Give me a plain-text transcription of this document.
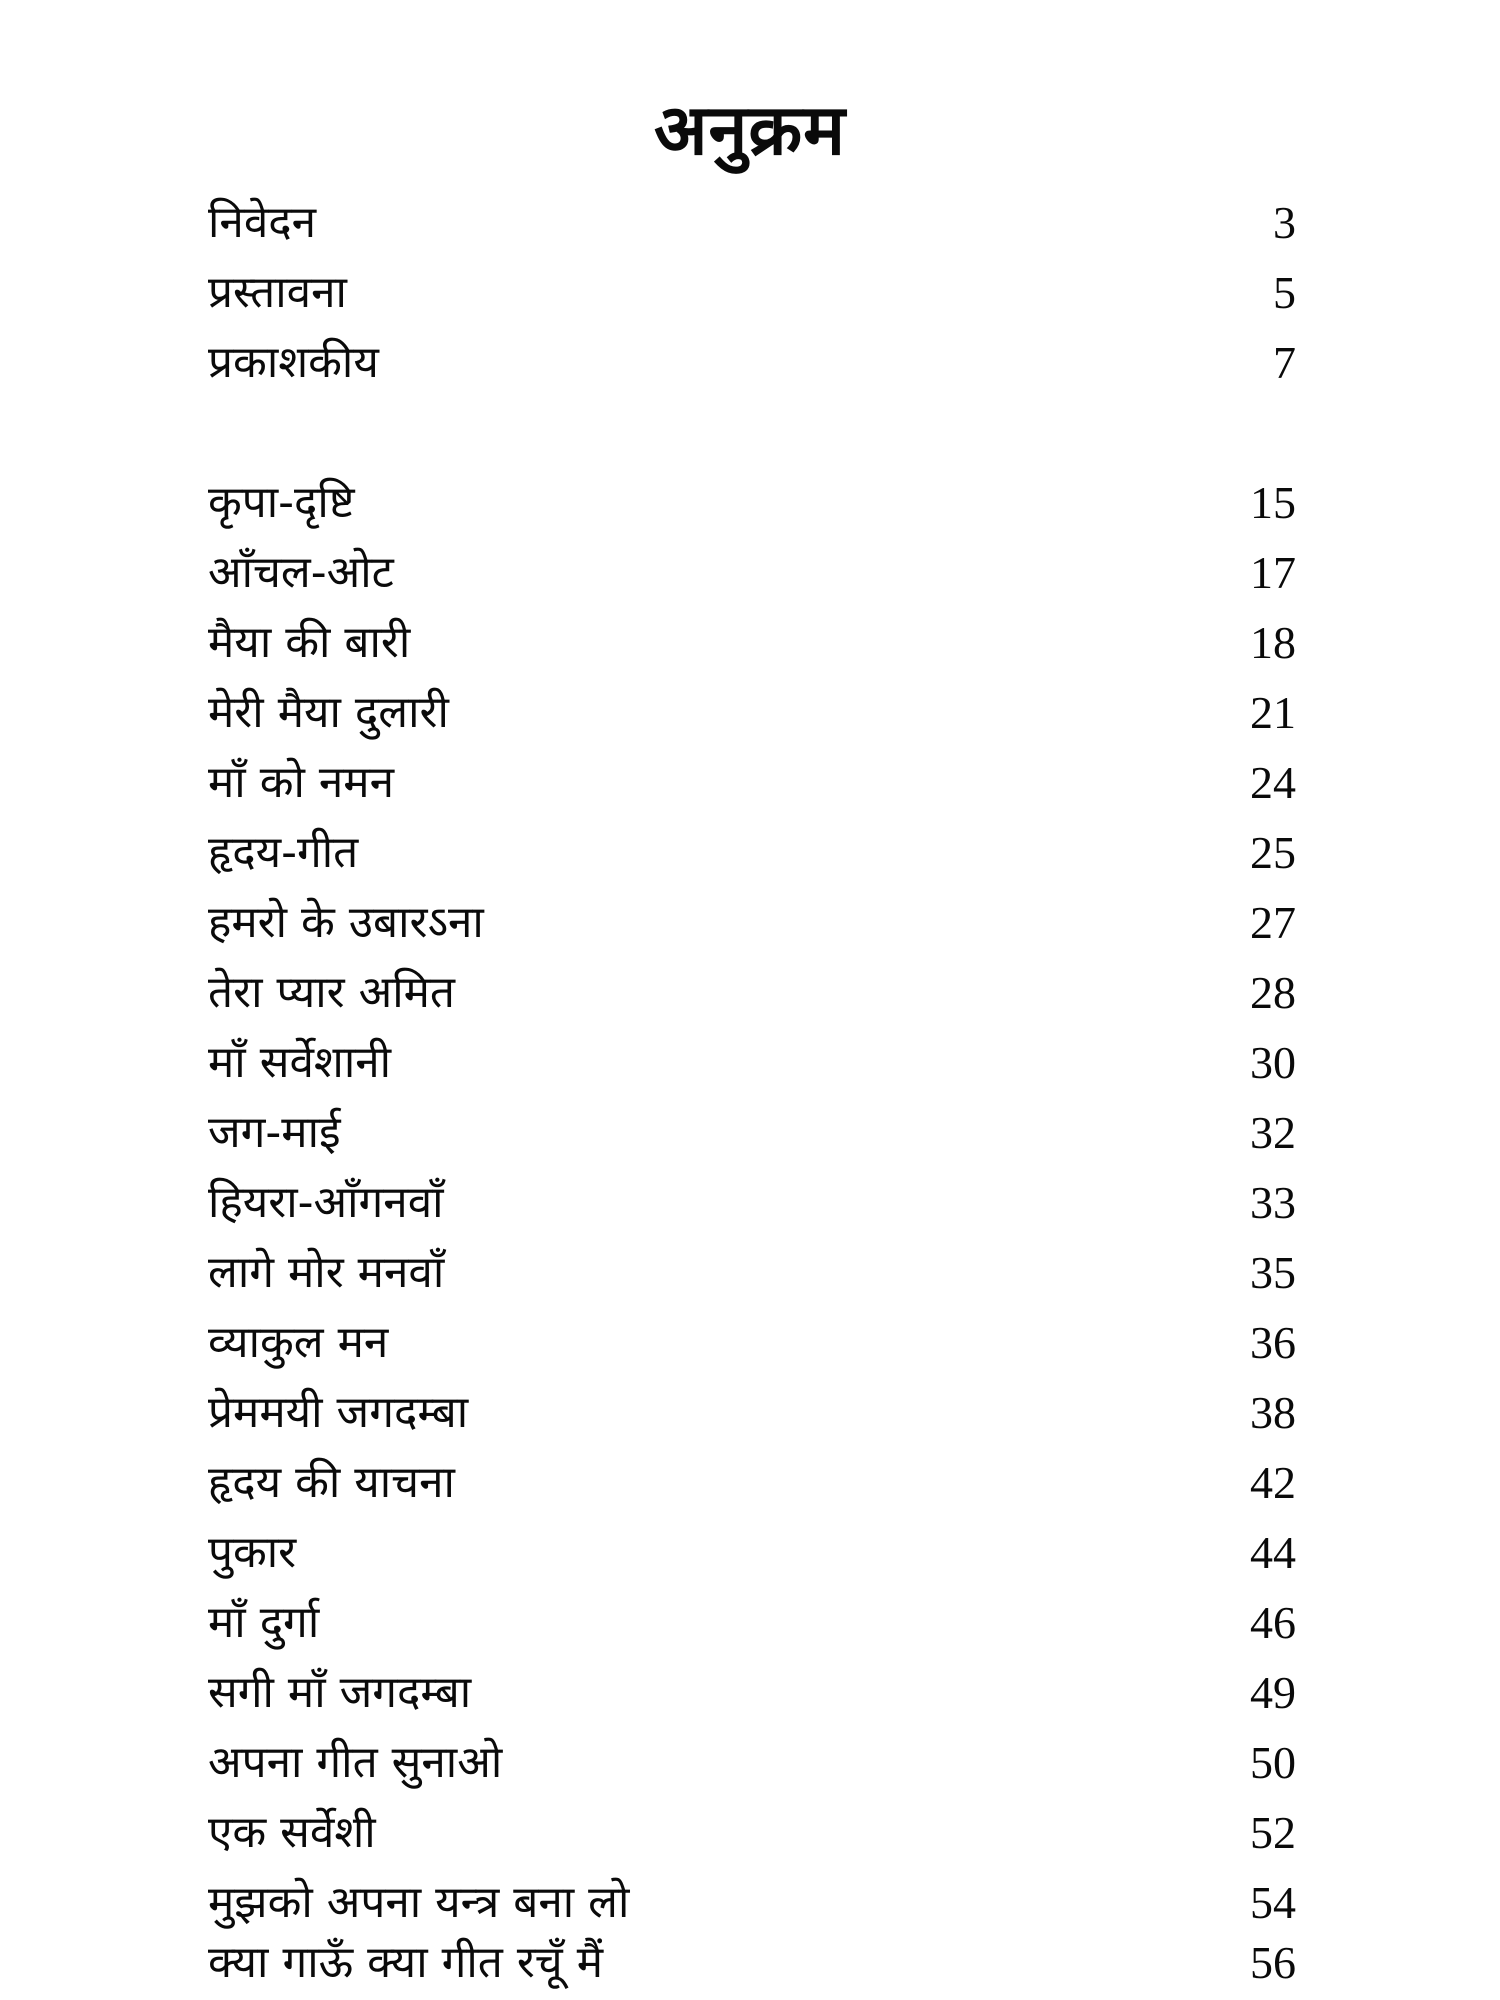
अनुक्रम
निवेदन	3
प्रस्तावना	5
प्रकाशकीय	7
कृपा-दृष्टि	15
आँचल-ओट	17
मैया की बारी	18
मेरी मैया दुलारी	21
माँ को नमन	24
हृदय-गीत	25
हमरो के उबारऽना	27
तेरा प्यार अमित	28
माँ सर्वेशानी	30
जग-माई	32
हियरा-आँगनवाँ	33
लागे मोर मनवाँ	35
व्याकुल मन	36
प्रेममयी जगदम्बा	38
हृदय की याचना	42
पुकार	44
माँ दुर्गा	46
सगी माँ जगदम्बा	49
अपना गीत सुनाओ	50
एक सर्वेशी	52
मुझको अपना यन्त्र बना लो	54
क्या गाऊँ क्या गीत रचूँ मैं	56
